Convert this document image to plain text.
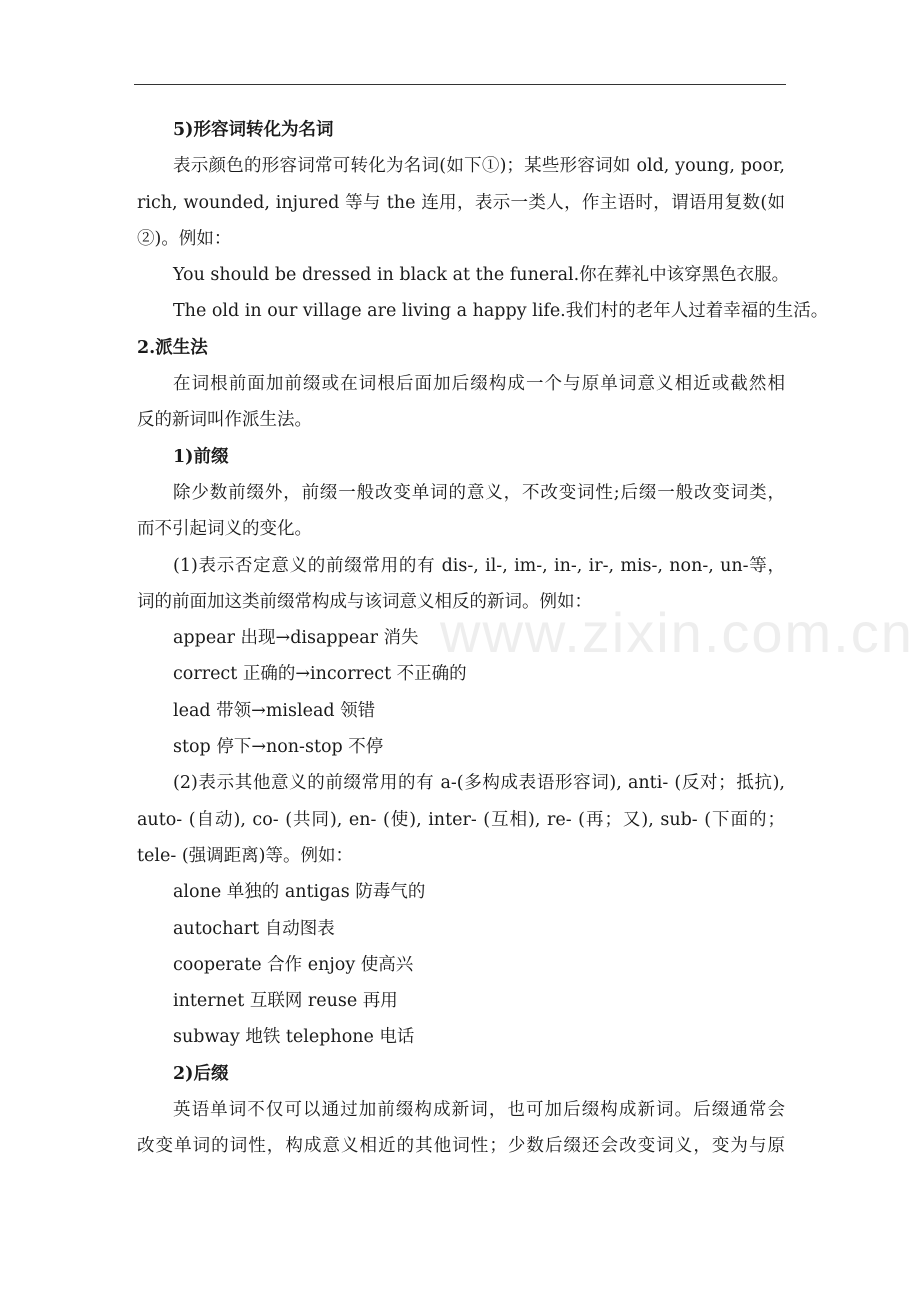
5)形容词转化为名词
表示颜色的形容词常可转化为名词(如下①)；某些形容词如 old, young, poor,
rich, wounded, injured 等与 the 连用，表示一类人，作主语时，谓语用复数(如
②)。例如：
You should be dressed in black at the funeral.你在葬礼中该穿黑色衣服。
The old in our village are living a happy life.我们村的老年人过着幸福的生活。
2.派生法
在词根前面加前缀或在词根后面加后缀构成一个与原单词意义相近或截然相
反的新词叫作派生法。
1)前缀
除少数前缀外，前缀一般改变单词的意义，不改变词性;后缀一般改变词类，
而不引起词义的变化。
(1)表示否定意义的前缀常用的有 dis-, il-, im-, in-, ir-, mis-, non-, un-等，
词的前面加这类前缀常构成与该词意义相反的新词。例如：
appear 出现→disappear 消失
correct 正确的→incorrect 不正确的
lead 带领→mislead 领错
stop 停下→non-stop 不停
(2)表示其他意义的前缀常用的有 a-(多构成表语形容词), anti- (反对；抵抗),
auto- (自动), co- (共同), en- (使), inter- (互相), re- (再；又), sub- (下面的；
tele- (强调距离)等。例如：
alone 单独的 antigas 防毒气的
autochart 自动图表
cooperate 合作 enjoy 使高兴
internet 互联网 reuse 再用
subway 地铁 telephone 电话
2)后缀
英语单词不仅可以通过加前缀构成新词，也可加后缀构成新词。后缀通常会
改变单词的词性，构成意义相近的其他词性；少数后缀还会改变词义，变为与原
www.zixin.com.cn
